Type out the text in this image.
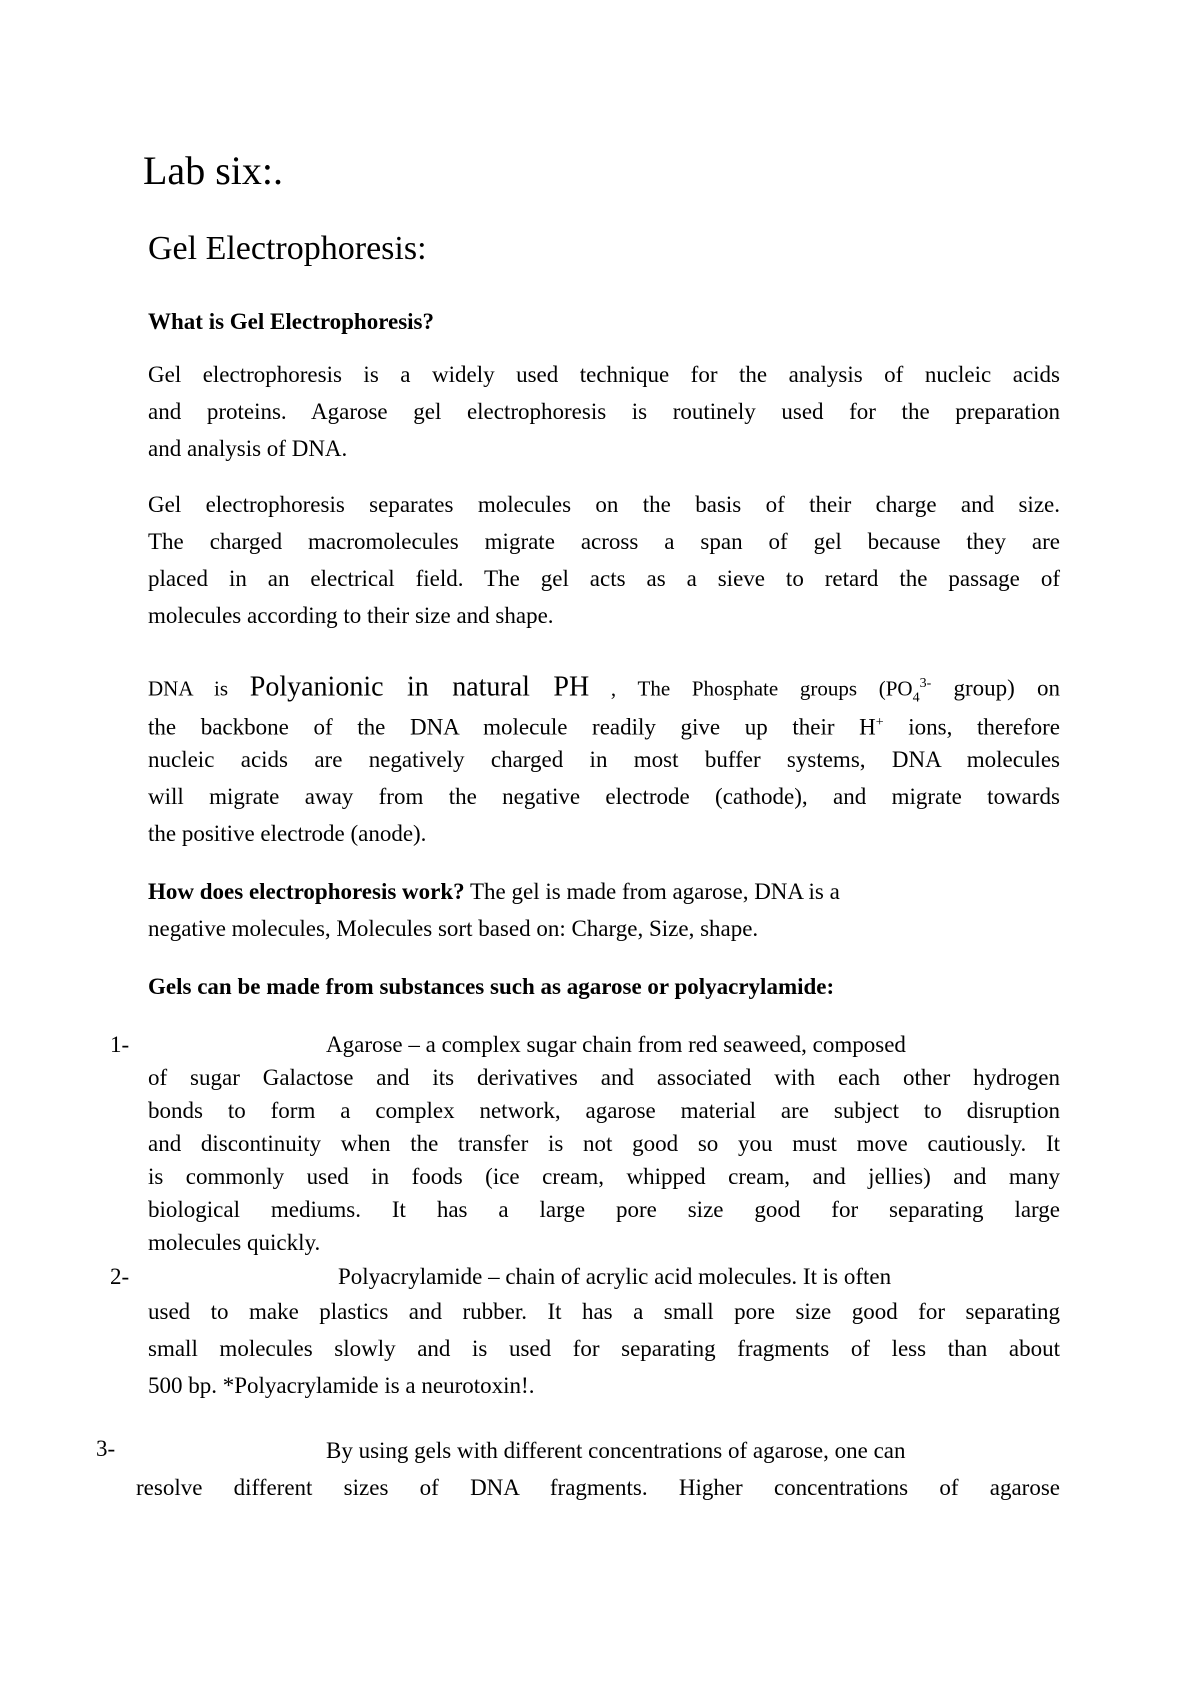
Lab six:.
Gel Electrophoresis:
What is Gel Electrophoresis?
Gel electrophoresis is a widely used technique for the analysis of nucleic acids
and proteins. Agarose gel electrophoresis is routinely used for the preparation
and analysis of DNA.
Gel electrophoresis separates molecules on the basis of their charge and size.
The charged macromolecules migrate across a span of gel because they are
placed in an electrical field. The gel acts as a sieve to retard the passage of
molecules according to their size and shape.
DNA is Polyanionic in natural PH , The Phosphate groups ($PO_4^{3-}$ group) on
the backbone of the DNA molecule readily give up their H+ ions, therefore
nucleic acids are negatively charged in most buffer systems, DNA molecules
will migrate away from the negative electrode (cathode), and migrate towards
the positive electrode (anode).
How does electrophoresis work? The gel is made from agarose, DNA is a
negative molecules, Molecules sort based on: Charge, Size, shape.
Gels can be made from substances such as agarose or polyacrylamide:
1-	Agarose – a complex sugar chain from red seaweed, composed
of sugar Galactose and its derivatives and associated with each other hydrogen
bonds to form a complex network, agarose material are subject to disruption
and discontinuity when the transfer is not good so you must move cautiously. It
is commonly used in foods (ice cream, whipped cream, and jellies) and many
biological mediums. It has a large pore size good for separating large
molecules quickly.
2-	Polyacrylamide – chain of acrylic acid molecules. It is often
used to make plastics and rubber. It has a small pore size good for separating
small molecules slowly and is used for separating fragments of less than about
500 bp. *Polyacrylamide is a neurotoxin!.
3-	By using gels with different concentrations of agarose, one can
resolve different sizes of DNA fragments. Higher concentrations of agarose
